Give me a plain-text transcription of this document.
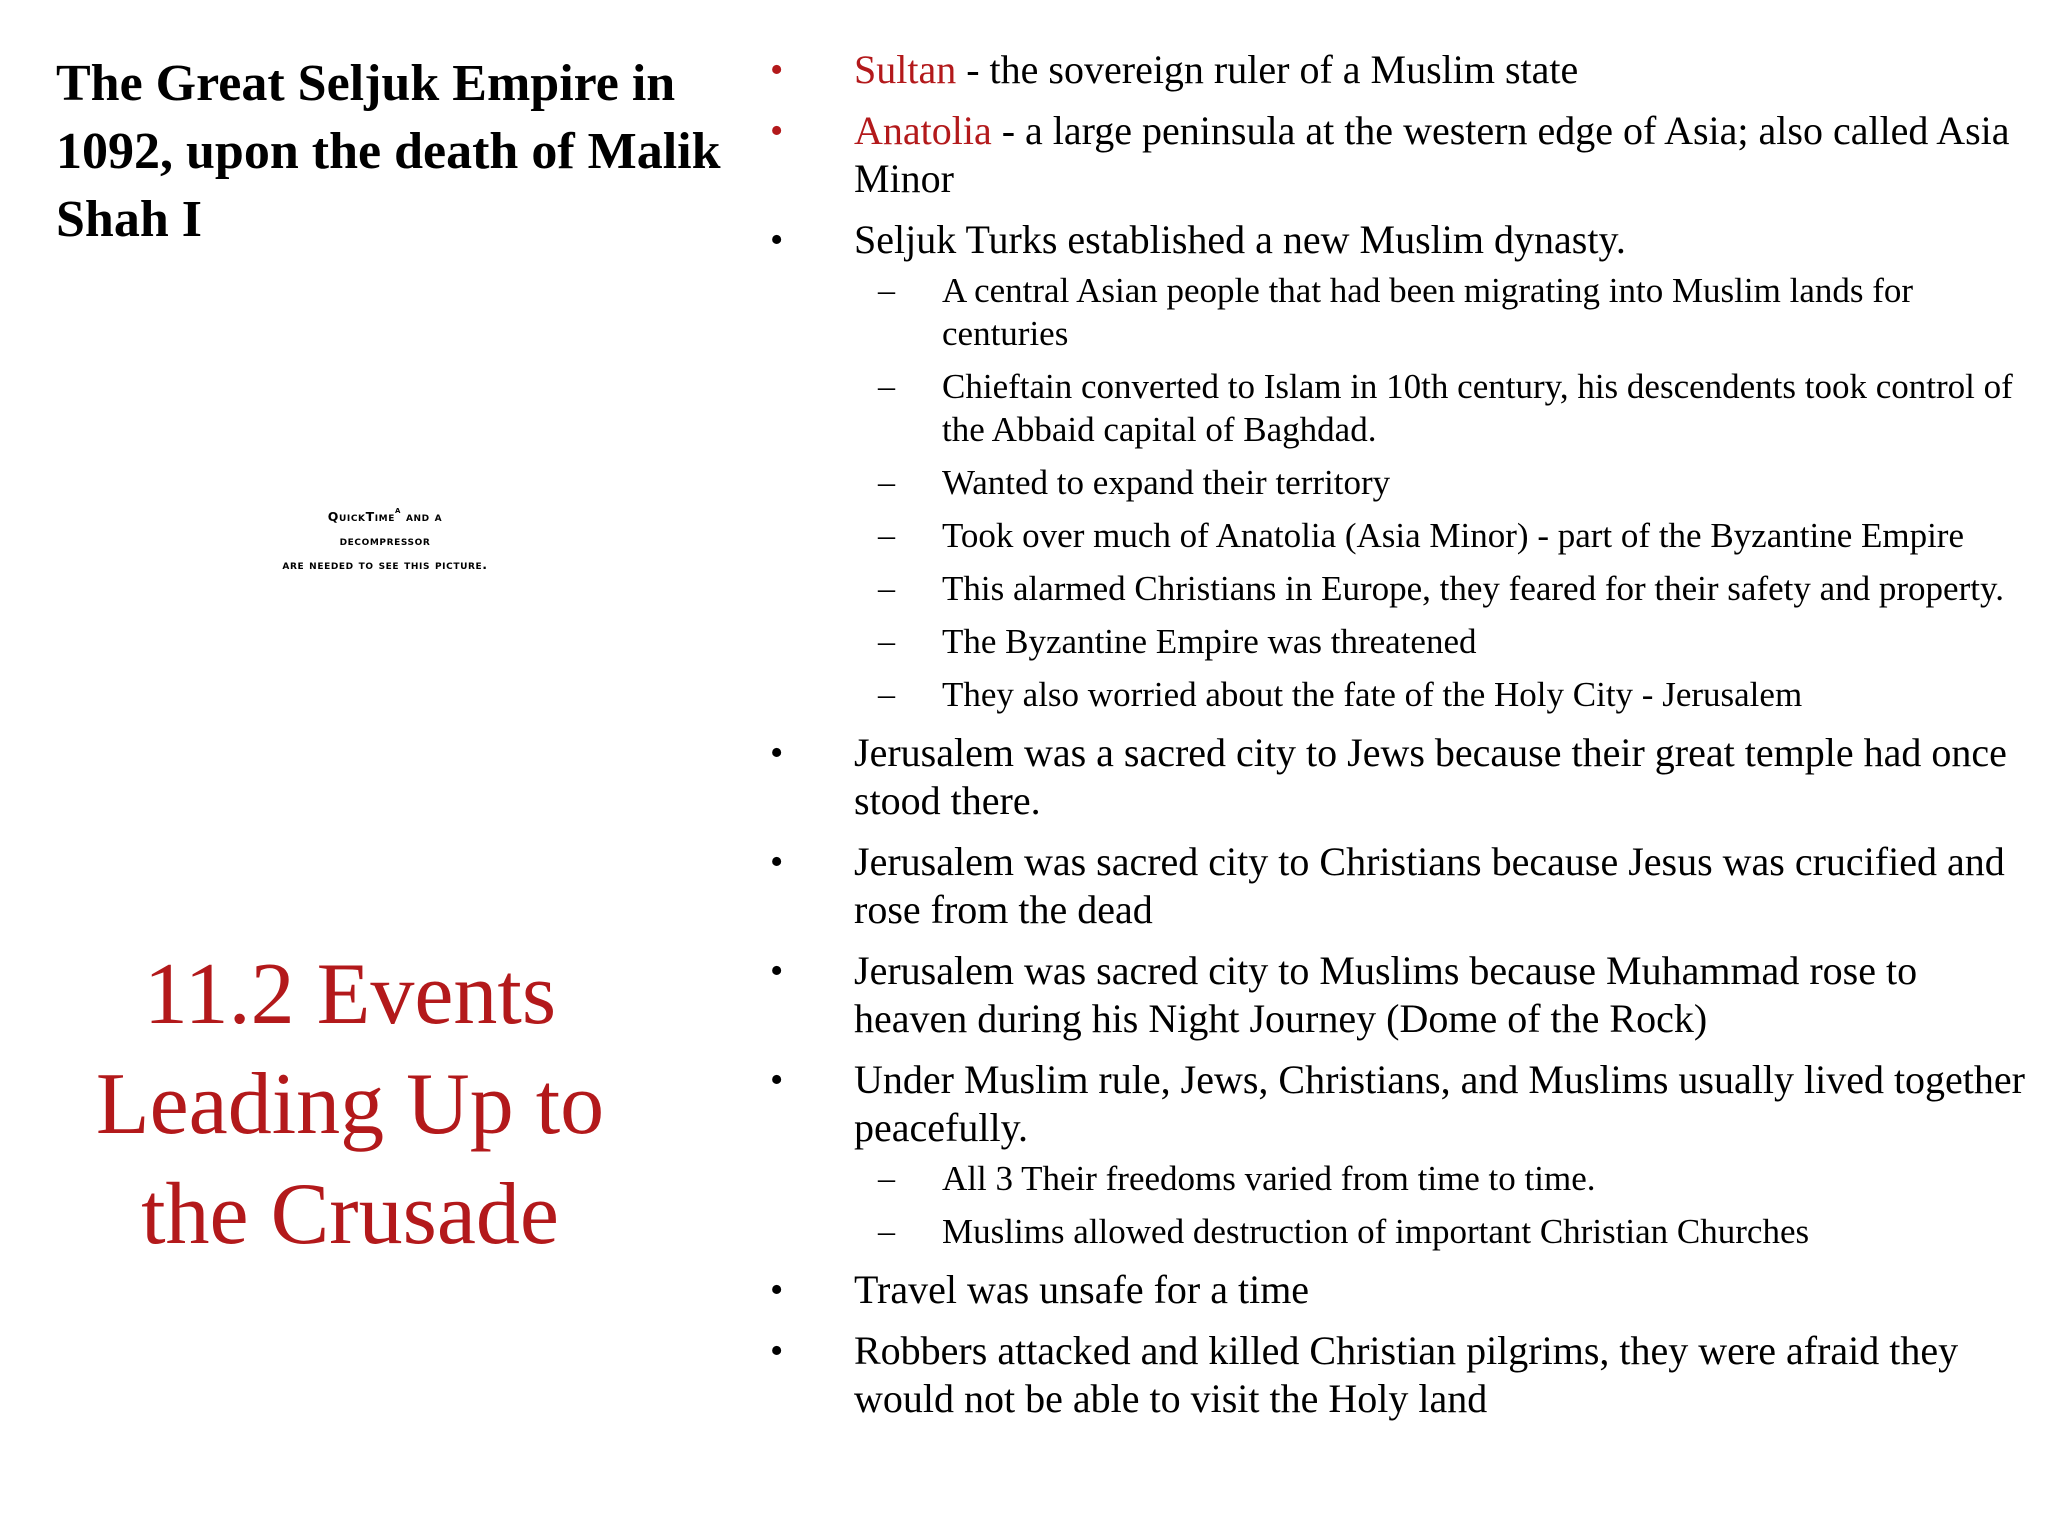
The Great Seljuk Empire in 1092, upon the death of Malik Shah I
QuickTime$^a$ and a
decompressor
are needed to see this picture.
11.2 Events Leading Up to the Crusade
• Sultan - the sovereign ruler of a Muslim state
• Anatolia - a large peninsula at the western edge of Asia; also called Asia Minor
• Seljuk Turks established a new Muslim dynasty.
– A central Asian people that had been migrating into Muslim lands for centuries
– Chieftain converted to Islam in 10th century, his descendents took control of the Abbaid capital of Baghdad.
– Wanted to expand their territory
– Took over much of Anatolia (Asia Minor) - part of the Byzantine Empire
– This alarmed Christians in Europe, they feared for their safety and property.
– The Byzantine Empire was threatened
– They also worried about the fate of the Holy City - Jerusalem
• Jerusalem was a sacred city to Jews because their great temple had once stood there.
• Jerusalem was sacred city to Christians because Jesus was crucified and rose from the dead
• Jerusalem was sacred city to Muslims because Muhammad rose to heaven during his Night Journey (Dome of the Rock)
• Under Muslim rule, Jews, Christians, and Muslims usually lived together peacefully.
– All 3 Their freedoms varied from time to time.
– Muslims allowed destruction of important Christian Churches
• Travel was unsafe for a time
• Robbers attacked and killed Christian pilgrims, they were afraid they would not be able to visit the Holy land
